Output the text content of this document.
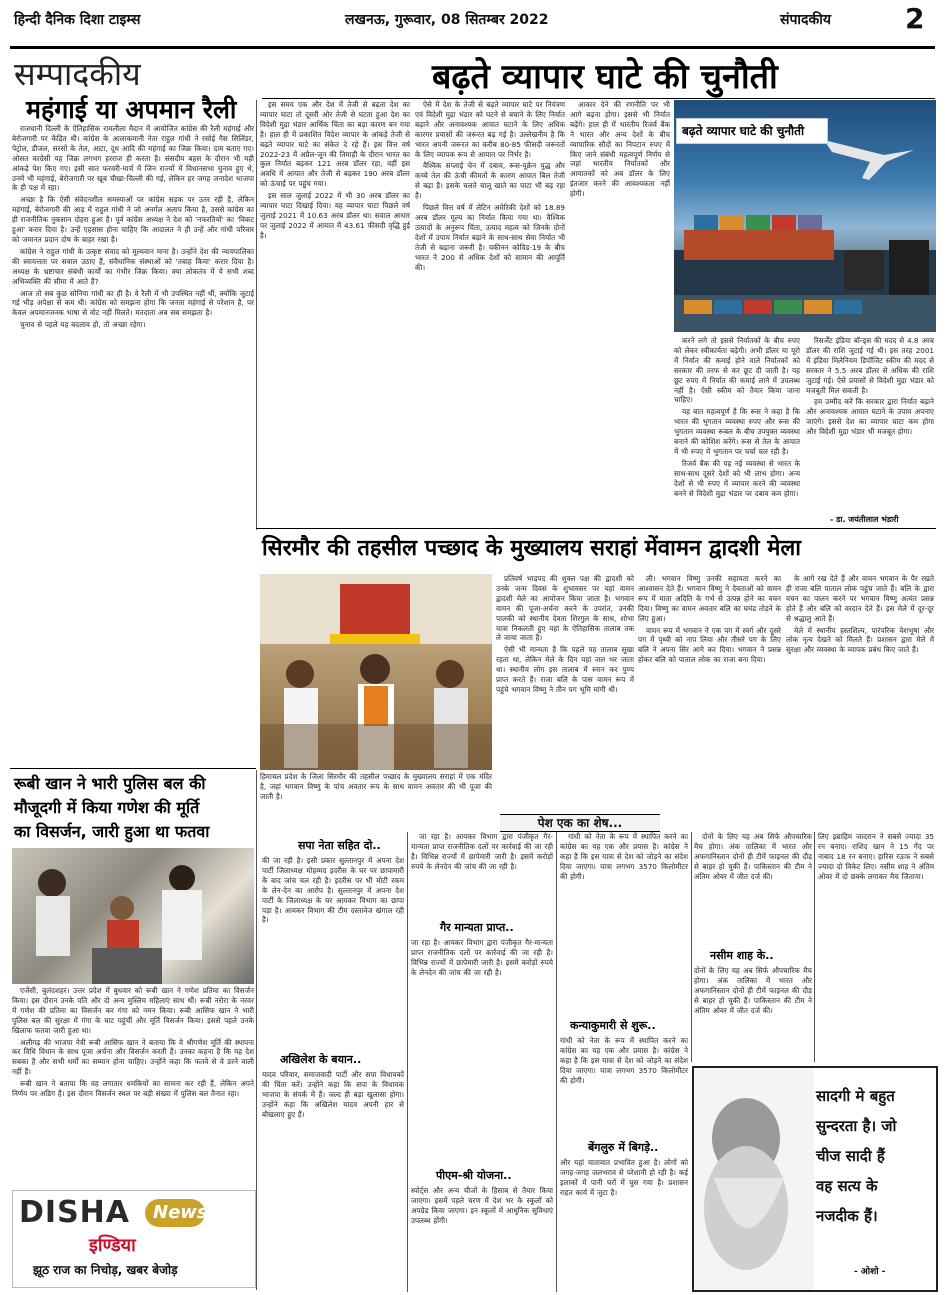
हिन्दी दैनिक दिशा टाइम्स	लखनऊ, गुरूवार, 08 सितम्बर 2022	संपादकीय	2
सम्पादकीय	बढ़ते व्यापार घाटे की चुनौती
महंगाई या अपमान रैली

राजधानी दिल्ली के ऐतिहासिक रामलीला मैदान में आयोजित कांग्रेस की रैली महंगाई और बेरोजगारी पर केंद्रित थी। कांग्रेस के आलाकमानी नेता राहुल गांधी ने रसोई गैस सिलिंडर, पेट्रोल, डीजल, सरसों के तेल, आटा, दूध आदि की महंगाई का जिक्र किया। दाम बताए गए। ओसत काग्रेसी यह जिक्र लगभग हरराज ही करता है। संसदीय बहस के दौरान भी यही आंकड़े पेश किए गए। इसी सात फरवरी-मार्च में जिन राज्यों में विधानसभा चुनाव हुए थे, उनमें भी महंगाई, बेरोजगारी पर खूब चीखा-चिल्ली की गई, लेकिन हर जगह जनादेश भाजपा के ही पक्ष में रहा।

अच्छा है कि ऐसी संवेदनशील समस्याओं पर कांग्रेस सड़क पर उतर रही है, लेकिन महंगाई, बेरोजगारी की आड़ में राहुल गांधी ने जो अनर्गल अलाप किया है, उससे कांग्रेस का ही राजनीतिक नुकसान दोहरा हुआ है। पूर्व कांग्रेस अध्यक्ष ने देश को 'नफरतियों' का 'विकट हुआ' करार दिया है। उन्हें एहसास होना चाहिए कि आदालत ने ही उन्हें और गांधी परिवार को जमानत प्रदान दोष के बाहर रखा है।

कांग्रेस ने राहुल गांधी के उत्कृष्ट संवाद को मूल्यवान माना है। उन्होंने देश की न्यायपालिका की स्वायत्तता पर सवाल उठाए हैं, संवैधानिक संस्थाओं को 'तबाह किया' करार दिया है। अध्यक्ष के भ्रष्टाचार संबंधी कार्यों का गंभीर जिक्र किया। क्या लोकतंत्र में ये सभी शब्द अभिव्यक्ति की सीमा में आते हैं?

आज तो सब कुछ सोनिया गांधी का ही है। वे रैली में भी उपस्थित नहीं थीं, क्योंकि जुटाई गई भीड़ अपेक्षा से कम थी। कांग्रेस को समझना होगा कि जनता महंगाई से परेशान है, पर केवल अपमानजनक भाषा से वोट नहीं मिलते। मतदाता अब सब समझता है।

चुनाव से पहले यह बदलाव हो, तो अच्छा रहेगा।

इस समय एक और देश में तेजी से बढ़ता देश का व्यापार घाटा तो दूसरी ओर तेजी से घटता हुआ देश का विदेशी मुद्रा भंडार आर्थिक चिंता का बड़ा कारण बन गया है। हाल ही में प्रकाशित विदेश व्यापार के आंकड़े तेजी से बढ़ते व्यापार घाटे का संकेत दे रहे हैं। इस वित्त वर्ष 2022-23 में अप्रैल-जून की तिमाही के दौरान भारत का कुल निर्यात बढ़कर 121 अरब डॉलर रहा, वहीं इस अवधि में आयात और तेजी से बढ़कर 190 अरब डॉलर को ऊंचाई पर पहुंच गया।

इस साल जुलाई 2022 में भी 30 अरब डॉलर का व्यापार घाटा दिखाई दिया। यह व्यापार घाटा पिछले वर्ष जुलाई 2021 में 10.63 अरब डॉलर था। सवाल आधार पर जुलाई 2022 में आयात में 43.61 फीसदी वृद्धि हुई है।

ऐसे में देश के तेजी से बढ़ते व्यापार घाटे पर नियंत्रण एवं विदेशी मुद्रा भंडार को घटने से बचाने के लिए निर्यात बढ़ाने और अनावश्यक आयात घटाने के लिए अधिक कारगर प्रयासों की जरूरत बढ़ गई है। उल्लेखनीय है कि भारत अपनी जरूरत का करीब 80-85 फीसदी जरूरतों के लिए व्यापक रूप से आयात पर निर्भर है।

वैश्विक सप्लाई चेन में दबाव, रूस-यूक्रेन युद्ध और कच्चे तेल की ऊंची कीमतों के कारण आयात बिल तेजी से बढ़ा है। इसके चलते चालू खाते का घाटा भी बढ़ रहा है।

पिछले वित्त वर्ष में लेटिन अमेरिकी देशों को 18.89 अरब डॉलर मूल्य का निर्यात किया गया था। वैश्विक उत्पादों के अनुरूप चिंता, उत्पाद महत्व को जिनके दोनों देशों में उपाय निर्यात बढ़ाने के साथ-साथ सेवा निर्यात भी तेजी से बढ़ाना जरूरी है। यकीनन कोविड-19 के बीच भारत ने 200 से अधिक देशों को सामान की आपूर्ति की।

आकार देने की रणनीति पर भी आगे बढ़ना होगा। इससे भी निर्यात बढ़ेंगे। हाल ही में भारतीय रिजर्व बैंक ने भारत और अन्य देशों के बीच व्यापारिक सौदों का निपटान रुपए में किए जाने संबंधी महत्वपूर्ण निर्णय से जहां भारतीय निर्यातकों और आयातकों को अब डॉलर के लिए इंतजार करने की आवश्यकता नहीं होगी।

बढ़ते व्यापार घाटे की चुनौती

करने लगे तो इससे निर्यातकों के बीच रुपए को लेकर स्वीकार्यता बढ़ेगी। अभी डॉलर या यूरो में निर्यात की कमाई होने वाले निर्यातकों को सरकार की तरफ से कर छूट दी जाती है। यह छूट रुपए में निर्यात की कमाई लाने में उपलब्ध नहीं है। ऐसी स्कीम को तैयार किया जाना चाहिए।

यह बात महत्वपूर्ण है कि रूस ने कहा है कि भारत की भुगतान व्यवस्था रुपए और रूस की भुगतान व्यवस्था रूबल के बीच उपयुक्त व्यवस्था बनाने की कोशिश करेंगे। रूस से तेल के आयात में भी रुपए में भुगतान पर चर्चा चल रही है।

रिजर्व बैंक की यह नई व्यवस्था से भारत के साथ-साथ दूसरे देशों को भी लाभ होगा। अन्य देशों से भी रुपए में व्यापार करने की व्यवस्था बनने से विदेशी मुद्रा भंडार पर दबाव कम होगा।

रिसर्जेंट इंडिया बॉन्ड्स की मदद से 4.8 अरब डॉलर की राशि जुटाई गई थी। इस तरह 2001 में इंडिया मिलेनियम डिपॉजिट स्कीम की मदद से सरकार ने 5.5 अरब डॉलर से अधिक की राशि जुटाई गई। ऐसे प्रयासों से विदेशी मुद्रा भंडार को मजबूती मिल सकती है।

हम उम्मीद करें कि सरकार द्वारा निर्यात बढ़ाने और अनावश्यक आयात घटाने के उपाय अपनाए जाएंगे। इससे देश का व्यापार घाटा कम होगा और विदेशी मुद्रा भंडार भी मजबूत होगा।

- डा. जयंतीलाल भंडारी
सिरमौर की तहसील पच्छाद के मुख्यालय सराहां मेंवामन द्वादशी मेला
रूबी खान ने भारी पुलिस बल की
मौजूदगी में किया गणेश की मूर्ति
का विसर्जन, जारी हुआ था फतवा

एजेंसी, बुलंदशहर। उत्तर प्रदेश में बुधवार को रूबी खान ने गणेश प्रतिमा का विसर्जन किया। इस दौरान उनके पति और दो अन्य मुस्लिम महिलाएं साथ थीं। रूबी नरोरा के नरवर में गणेश की प्रतिमा का विसर्जन कर गंगा को नमन किया। रूबी आसिफ खान ने भारी पुलिस बल की सुरक्षा में गंगा के घाट पहुंचीं और मूर्ति विसर्जन किया। इससे पहले उनके खिलाफ फतवा जारी हुआ था।

अलीगढ़ की भाजपा नेत्री रूबी आसिफ खान ने बताया कि वे श्रीगणेश मूर्ति की स्थापना कर विधि विधान के साथ पूजा अर्चना और विसर्जन करती हैं। उनका कहना है कि यह देश सबका है और सभी धर्मों का सम्मान होना चाहिए। उन्होंने कहा कि फतवे से वे डरने वाली नहीं हैं।

रूबी खान ने बताया कि वह लगातार धमकियों का सामना कर रही हैं, लेकिन अपने निर्णय पर अडिग हैं। इस दौरान विसर्जन स्थल पर बड़ी संख्या में पुलिस बल तैनात रहा।

DISHA News
इण्डिया
झूठ राज का निचोड़, खबर बेजोड़
हिमाचल प्रदेश के जिला सिरमौर की तहसील पच्छाद के मुख्यालय सराहां में एक मंदिर है, जहां भगवान विष्णु के पांच अवतार रूप के साथ वामन अवतार की भी पूजा की जाती है।

प्रतिवर्ष भाद्रपद की शुक्ल पक्ष की द्वादशी को उनके जन्म दिवस के शुभावसर पर यहां वामन द्वादशी मेले का आयोजन किया जाता है। भगवान वामन की पूजा-अर्चना करने के उपरांत, उनकी पालकी को स्थानीय देवता शिरगुल के साथ, शोभा यात्रा निकलती हुए यहां के ऐतिहासिक तालाब तक ले जाया जाता है।

ऐसी भी मान्यता है कि पहले यह तालाब सूखा रहता था, लेकिन मेले के दिन यहां जल भर जाता था। स्थानीय लोग इस तालाब में स्नान कर पुण्य प्राप्त करते हैं। राजा बलि के पास वामन रूप में पहुंचे भगवान विष्णु ने तीन पग भूमि मांगी थी।

ली। भगवान विष्णु उनकी सहायता करने का आश्वासन देते हैं। भगवान विष्णु ने देवताओं को वामन रूप में माता अदिति के गर्भ से उत्पन्न होने का वचन दिया। विष्णु का वामन अवतार बलि का घमंड तोड़ने के लिए हुआ।

वामन रूप में भगवान ने एक पग में स्वर्ग और दूसरे पग में पृथ्वी को नाप लिया और तीसरे पग के लिए बलि ने अपना सिर आगे कर दिया। भगवान ने प्रसन्न होकर बलि को पाताल लोक का राजा बना दिया।

के आगे रख देते हैं और वामन भगवान के पैर रखते ही राजा बलि पाताल लोक पहुंच जाते हैं। बलि के द्वारा वचन का पालन करने पर भगवान विष्णु अत्यंत प्रसन्न होते हैं और बलि को वरदान देते हैं। इस मेले में दूर-दूर से श्रद्धालु आते हैं।

मेले में स्थानीय हस्तशिल्प, पारंपरिक वेशभूषा और लोक नृत्य देखने को मिलते हैं। प्रशासन द्वारा मेले में सुरक्षा और व्यवस्था के व्यापक प्रबंध किए जाते हैं।

पेश एक का शेष...
सपा नेता सहित दो..
की जा रही है। इसी प्रकार सुल्तानपुर में अपना देश पार्टी जिलाध्यक्ष मोहम्मद इदरीस के घर पर छापामारी के बाद जांच चल रही है। इदरीस पर भी मोटी रकम के लेन-देन का आरोप है। सुल्तानपुर में अपना देश पार्टी के जिलाध्यक्ष के घर आयकर विभाग का छापा पड़ा है। आयकर विभाग की टीम दस्तावेज खंगाल रही है।
अखिलेश के बयान..
यादव परिवार, समाजवादी पार्टी और सपा विधायकों की चिंता करें। उन्होंने कहा कि सपा के विधायक भाजपा के संपर्क में हैं। जल्द ही बड़ा खुलासा होगा। उन्होंने कहा कि अखिलेश यादव अपनी हार से बौखलाए हुए हैं।

जा रहा है। आयकर विभाग द्वारा पंजीकृत गैर-मान्यता प्राप्त राजनीतिक दलों पर कार्रवाई की जा रही है। विभिन्न राज्यों में छापेमारी जारी है। इसमें करोड़ों रुपये के लेनदेन की जांच की जा रही है।

गैर मान्यता प्राप्त..
जा रहा है। आयकर विभाग द्वारा पंजीकृत गैर-मान्यता प्राप्त राजनीतिक दलों पर कार्रवाई की जा रही है। विभिन्न राज्यों में छापेमारी जारी है। इसमें करोड़ों रुपये के लेनदेन की जांच की जा रही है।
पीएम-श्री योजना..
स्पोर्ट्स और अन्य चीजों के हिसाब से तैयार किया जाएगा। इसमें पहले चरण में देश भर के स्कूलों को अपग्रेड किया जाएगा। इन स्कूलों में आधुनिक सुविधाएं उपलब्ध होंगी।

गांधी को नेता के रूप में स्थापित करने का कांग्रेस का यह एक और प्रयास है। कांग्रेस ने कहा है कि इस यात्रा से देश को जोड़ने का संदेश दिया जाएगा। यात्रा लगभग 3570 किलोमीटर की होगी।

कन्याकुमारी से शुरू..
गांधी को नेता के रूप में स्थापित करने का कांग्रेस का यह एक और प्रयास है। कांग्रेस ने कहा है कि इस यात्रा से देश को जोड़ने का संदेश दिया जाएगा। यात्रा लगभग 3570 किलोमीटर की होगी।
बेंगलुरु में बिगड़े..
और यहां यातायात प्रभावित हुआ है। लोगों को जगह-जगह जलभराव से परेशानी हो रही है। कई इलाकों में पानी घरों में घुस गया है। प्रशासन राहत कार्य में जुटा है।

दोनों के लिए यह अब सिर्फ औपचारिक मैच होगा। अंक तालिका में भारत और अफगानिस्तान दोनों ही टीमें फाइनल की दौड़ से बाहर हो चुकी हैं। पाकिस्तान की टीम ने अंतिम ओवर में जीत दर्ज की।

नसीम शाह के..
दोनों के लिए यह अब सिर्फ औपचारिक मैच होगा। अंक तालिका में भारत और अफगानिस्तान दोनों ही टीमें फाइनल की दौड़ से बाहर हो चुकी हैं। पाकिस्तान की टीम ने अंतिम ओवर में जीत दर्ज की।
लिए इब्राहिम जादरान ने सबसे ज्यादा 35 रन बनाए। राशिद खान ने 15 गेंद पर नाबाद 18 रन बनाए। हारिस रऊफ ने सबसे ज्यादा दो विकेट लिए। नसीम शाह ने अंतिम ओवर में दो छक्के लगाकर मैच जिताया।
सादगी मे बहुत
सुन्दरता है। जो
चीज सादी हैं
वह सत्य के
नजदीक हैं।
- ओशो -
